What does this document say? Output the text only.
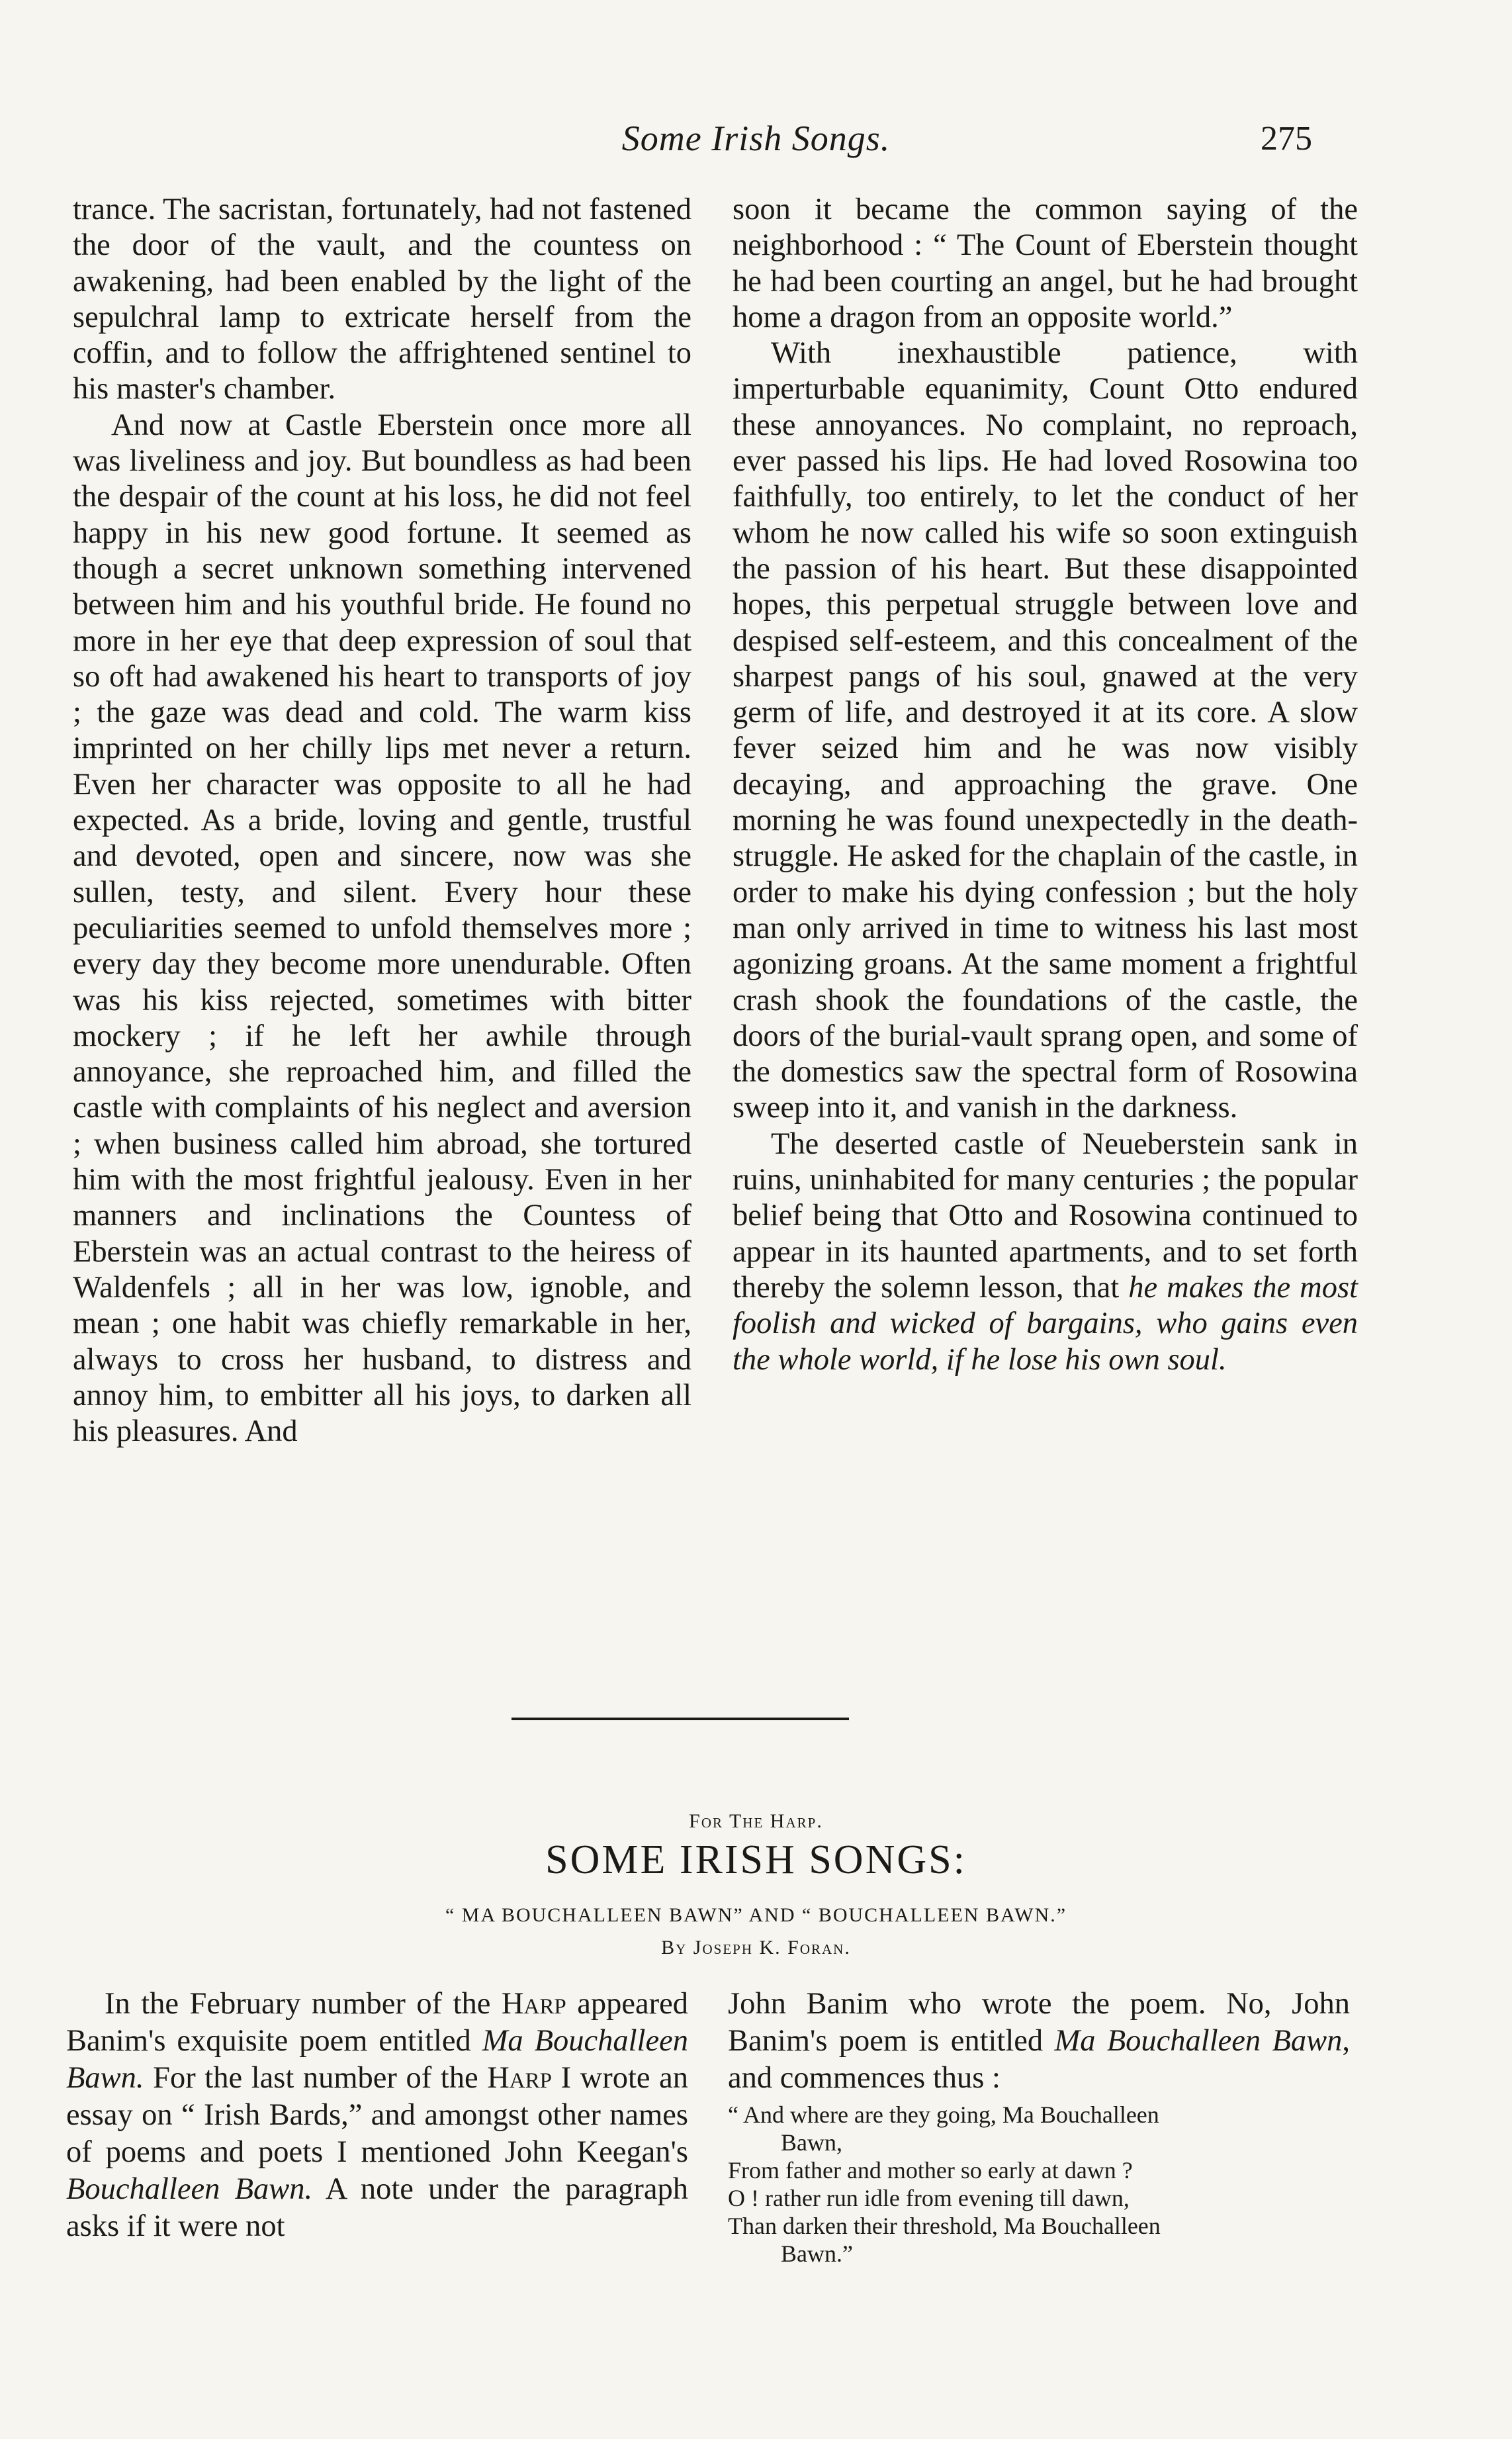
Some Irish Songs.	275

trance. The sacristan, fortunately, had not fastened the door of the vault, and the countess on awakening, had been enabled by the light of the sepulchral lamp to extricate herself from the coffin, and to follow the affrightened sentinel to his master's chamber.

And now at Castle Eberstein once more all was liveliness and joy. But boundless as had been the despair of the count at his loss, he did not feel happy in his new good fortune. It seemed as though a secret unknown something intervened between him and his youthful bride. He found no more in her eye that deep expression of soul that so oft had awakened his heart to transports of joy ; the gaze was dead and cold. The warm kiss imprinted on her chilly lips met never a return. Even her character was opposite to all he had expected. As a bride, loving and gentle, trustful and devoted, open and sincere, now was she sullen, testy, and silent. Every hour these peculiarities seemed to unfold themselves more ; every day they become more unendurable. Often was his kiss rejected, sometimes with bitter mockery ; if he left her awhile through annoyance, she reproached him, and filled the castle with complaints of his neglect and aversion ; when business called him abroad, she tortured him with the most frightful jealousy. Even in her manners and inclinations the Countess of Eberstein was an actual contrast to the heiress of Waldenfels ; all in her was low, ignoble, and mean ; one habit was chiefly remarkable in her, always to cross her husband, to distress and annoy him, to embitter all his joys, to darken all his pleasures. And

soon it became the common saying of the neighborhood : “ The Count of Eberstein thought he had been courting an angel, but he had brought home a dragon from an opposite world.”

With inexhaustible patience, with imperturbable equanimity, Count Otto endured these annoyances. No complaint, no reproach, ever passed his lips. He had loved Rosowina too faithfully, too entirely, to let the conduct of her whom he now called his wife so soon extinguish the passion of his heart. But these disappointed hopes, this perpetual struggle between love and despised self-esteem, and this concealment of the sharpest pangs of his soul, gnawed at the very germ of life, and destroyed it at its core. A slow fever seized him and he was now visibly decaying, and approaching the grave. One morning he was found unexpectedly in the death-struggle. He asked for the chaplain of the castle, in order to make his dying confession ; but the holy man only arrived in time to witness his last most agonizing groans. At the same moment a frightful crash shook the foundations of the castle, the doors of the burial-vault sprang open, and some of the domestics saw the spectral form of Rosowina sweep into it, and vanish in the darkness.

The deserted castle of Neueberstein sank in ruins, uninhabited for many centuries ; the popular belief being that Otto and Rosowina continued to appear in its haunted apartments, and to set forth thereby the solemn lesson, that he makes the most foolish and wicked of bargains, who gains even the whole world, if he lose his own soul.

For The Harp.
SOME IRISH SONGS:
“ MA BOUCHALLEEN BAWN” AND “ BOUCHALLEEN BAWN.”
By Joseph K. Foran.

In the February number of the Harp appeared Banim's exquisite poem entitled Ma Bouchalleen Bawn. For the last number of the Harp I wrote an essay on “ Irish Bards,” and amongst other names of poems and poets I mentioned John Keegan's Bouchalleen Bawn. A note under the paragraph asks if it were not

John Banim who wrote the poem. No, John Banim's poem is entitled Ma Bouchalleen Bawn, and commences thus :

“ And where are they going, Ma Bouchalleen
Bawn,
From father and mother so early at dawn ?
O ! rather run idle from evening till dawn,
Than darken their threshold, Ma Bouchalleen
Bawn.”
